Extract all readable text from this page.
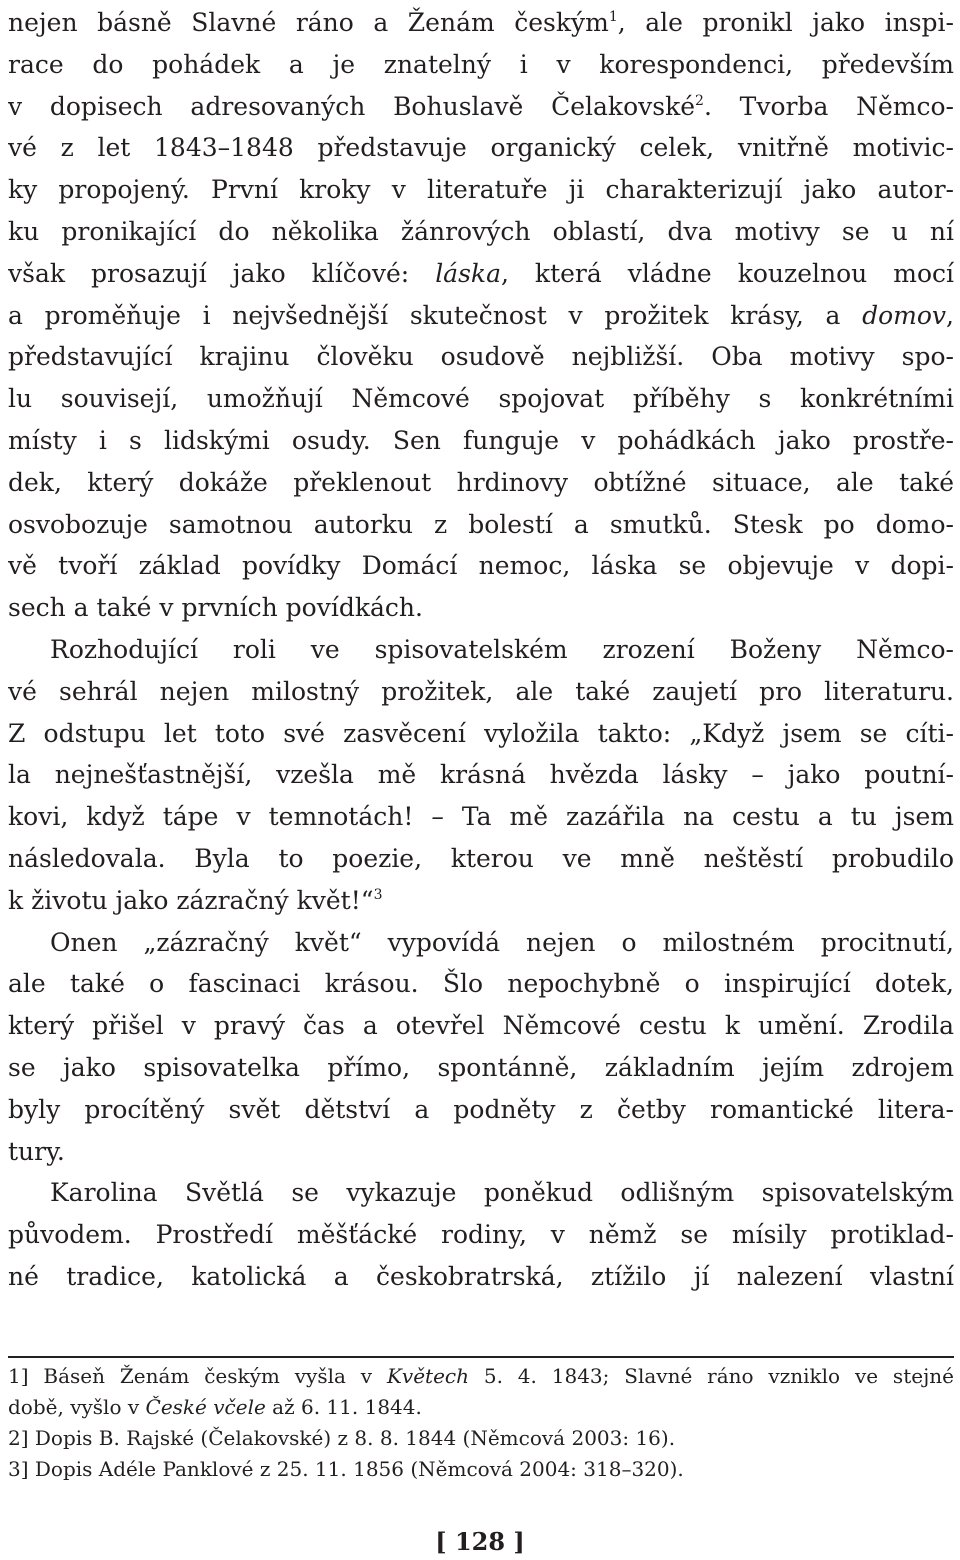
nejen básně Slavné ráno a Ženám českým$^1$, ale pronikl jako inspi-
race do pohádek a je znatelný i v korespondenci, především
v dopisech adresovaných Bohuslavě Čelakovské$^2$. Tvorba Němco-
vé z let 1843–1848 představuje organický celek, vnitřně motivic-
ky propojený. První kroky v literatuře ji charakterizují jako autor-
ku pronikající do několika žánrových oblastí, dva motivy se u ní
však prosazují jako klíčové: láska, která vládne kouzelnou mocí
a proměňuje i nejvšednější skutečnost v prožitek krásy, a domov,
představující krajinu člověku osudově nejbližší. Oba motivy spo-
lu souvisejí, umožňují Němcové spojovat příběhy s konkrétními
místy i s lidskými osudy. Sen funguje v pohádkách jako prostře-
dek, který dokáže překlenout hrdinovy obtížné situace, ale také
osvobozuje samotnou autorku z bolestí a smutků. Stesk po domo-
vě tvoří základ povídky Domácí nemoc, láska se objevuje v dopi-
sech a také v prvních povídkách.
Rozhodující roli ve spisovatelském zrození Boženy Němco-
vé sehrál nejen milostný prožitek, ale také zaujetí pro literaturu.
Z odstupu let toto své zasvěcení vyložila takto: „Když jsem se cíti-
la nejnešťastnější, vzešla mě krásná hvězda lásky – jako poutní-
kovi, když tápe v temnotách! – Ta mě zazářila na cestu a tu jsem
následovala. Byla to poezie, kterou ve mně neštěstí probudilo
k životu jako zázračný květ!“$^3$
Onen „zázračný květ“ vypovídá nejen o milostném procitnutí,
ale také o fascinaci krásou. Šlo nepochybně o inspirující dotek,
který přišel v pravý čas a otevřel Němcové cestu k umění. Zrodila
se jako spisovatelka přímo, spontánně, základním jejím zdrojem
byly procítěný svět dětství a podněty z četby romantické litera-
tury.
Karolina Světlá se vykazuje poněkud odlišným spisovatelským
původem. Prostředí měšťácké rodiny, v němž se mísily protiklad-
né tradice, katolická a českobratrská, ztížilo jí nalezení vlastní
1] Báseň Ženám českým vyšla v Květech 5. 4. 1843; Slavné ráno vzniklo ve stejné
době, vyšlo v České včele až 6. 11. 1844.
2] Dopis B. Rajské (Čelakovské) z 8. 8. 1844 (Němcová 2003: 16).
3] Dopis Adéle Panklové z 25. 11. 1856 (Němcová 2004: 318–320).
[ 128 ]
